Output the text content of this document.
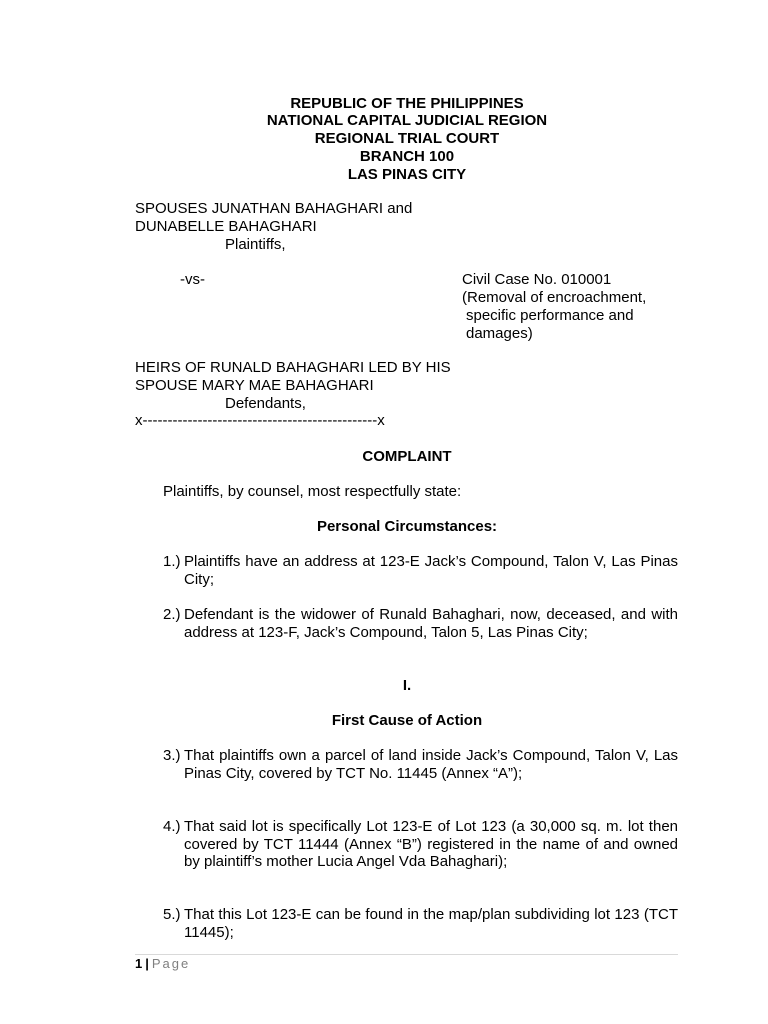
REPUBLIC OF THE PHILIPPINES
NATIONAL CAPITAL JUDICIAL REGION
REGIONAL TRIAL COURT
BRANCH 100
LAS PINAS CITY
SPOUSES JUNATHAN BAHAGHARI and
DUNABELLE BAHAGHARI
Plaintiffs,
-vs-	Civil Case No. 010001
(Removal of encroachment,
specific performance and
damages)
HEIRS OF RUNALD BAHAGHARI LED BY HIS
SPOUSE MARY MAE BAHAGHARI
Defendants,
x-----------------------------------------------x
COMPLAINT
Plaintiffs, by counsel, most respectfully state:
Personal Circumstances:
1.) Plaintiffs have an address at 123-E Jack’s Compound, Talon V, Las Pinas City;
2.) Defendant is the widower of Runald Bahaghari, now, deceased, and with address at 123-F, Jack’s Compound, Talon 5, Las Pinas City;
I.
First Cause of Action
3.) That plaintiffs own a parcel of land inside Jack’s Compound, Talon V, Las Pinas City, covered by TCT No. 11445 (Annex “A”);
4.) That said lot is specifically Lot 123-E of Lot 123 (a 30,000 sq. m. lot then covered by TCT 11444 (Annex “B”) registered in the name of and owned by plaintiff’s mother Lucia Angel Vda Bahaghari);
5.) That this Lot 123-E can be found in the map/plan subdividing lot 123 (TCT 11445);
1 | Page
